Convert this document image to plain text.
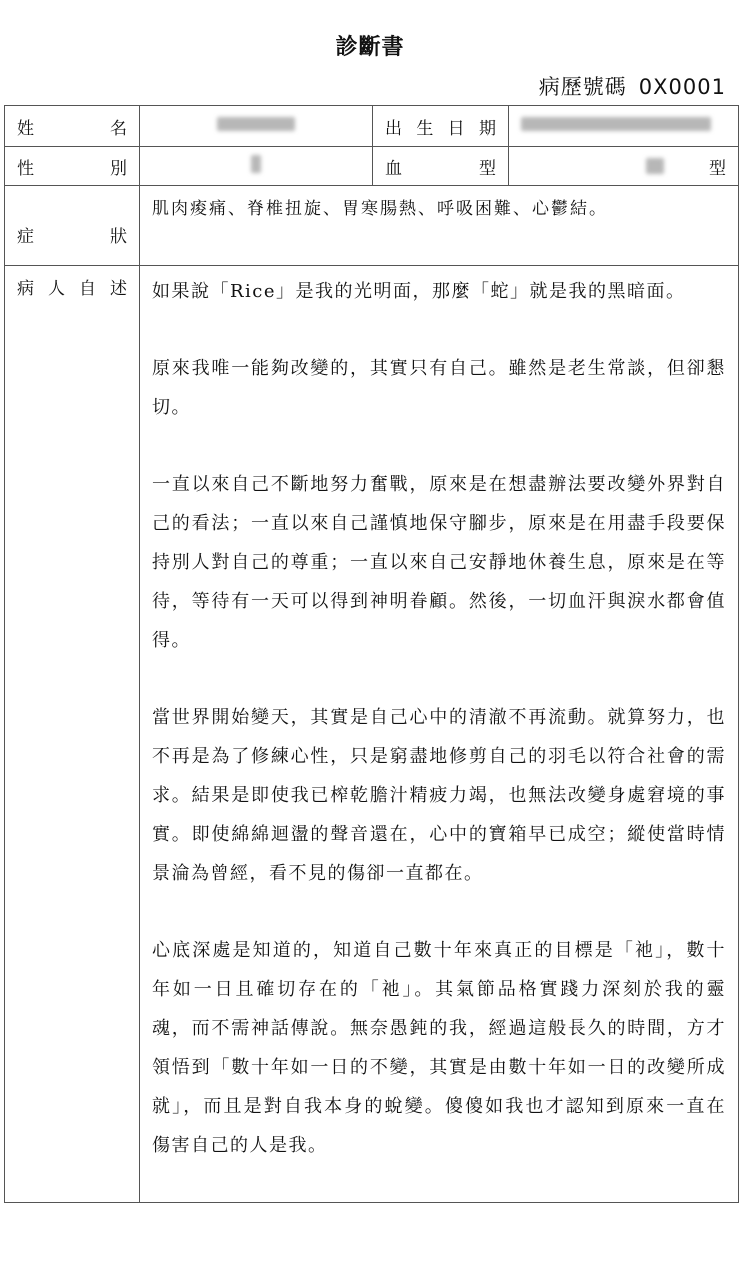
診斷書
病歷號碼 0X0001
姓 名		出 生 日 期	

性 別		血 型	型

症 狀	肌肉痠痛、脊椎扭旋、胃寒腸熱、呼吸困難、心鬱結。		

病 人 自 述	如果說「Rice」是我的光明面，那麼「蛇」就是我的黑暗面。

原來我唯一能夠改變的，其實只有自己。雖然是老生常談，但卻懇切。

一直以來自己不斷地努力奮戰，原來是在想盡辦法要改變外界對自己的看法；一直以來自己謹慎地保守腳步，原來是在用盡手段要保持別人對自己的尊重；一直以來自己安靜地休養生息，原來是在等待，等待有一天可以得到神明眷顧。然後，一切血汗與淚水都會值得。

當世界開始變天，其實是自己心中的清澈不再流動。就算努力，也不再是為了修練心性，只是窮盡地修剪自己的羽毛以符合社會的需求。結果是即使我已榨乾膽汁精疲力竭，也無法改變身處窘境的事實。即使綿綿迴盪的聲音還在，心中的寶箱早已成空；縱使當時情景淪為曾經，看不見的傷卻一直都在。

心底深處是知道的，知道自己數十年來真正的目標是「祂」，數十年如一日且確切存在的「祂」。其氣節品格實踐力深刻於我的靈魂，而不需神話傳說。無奈愚鈍的我，經過這般長久的時間，方才領悟到「數十年如一日的不變，其實是由數十年如一日的改變所成就」，而且是對自我本身的蛻變。傻傻如我也才認知到原來一直在傷害自己的人是我。
